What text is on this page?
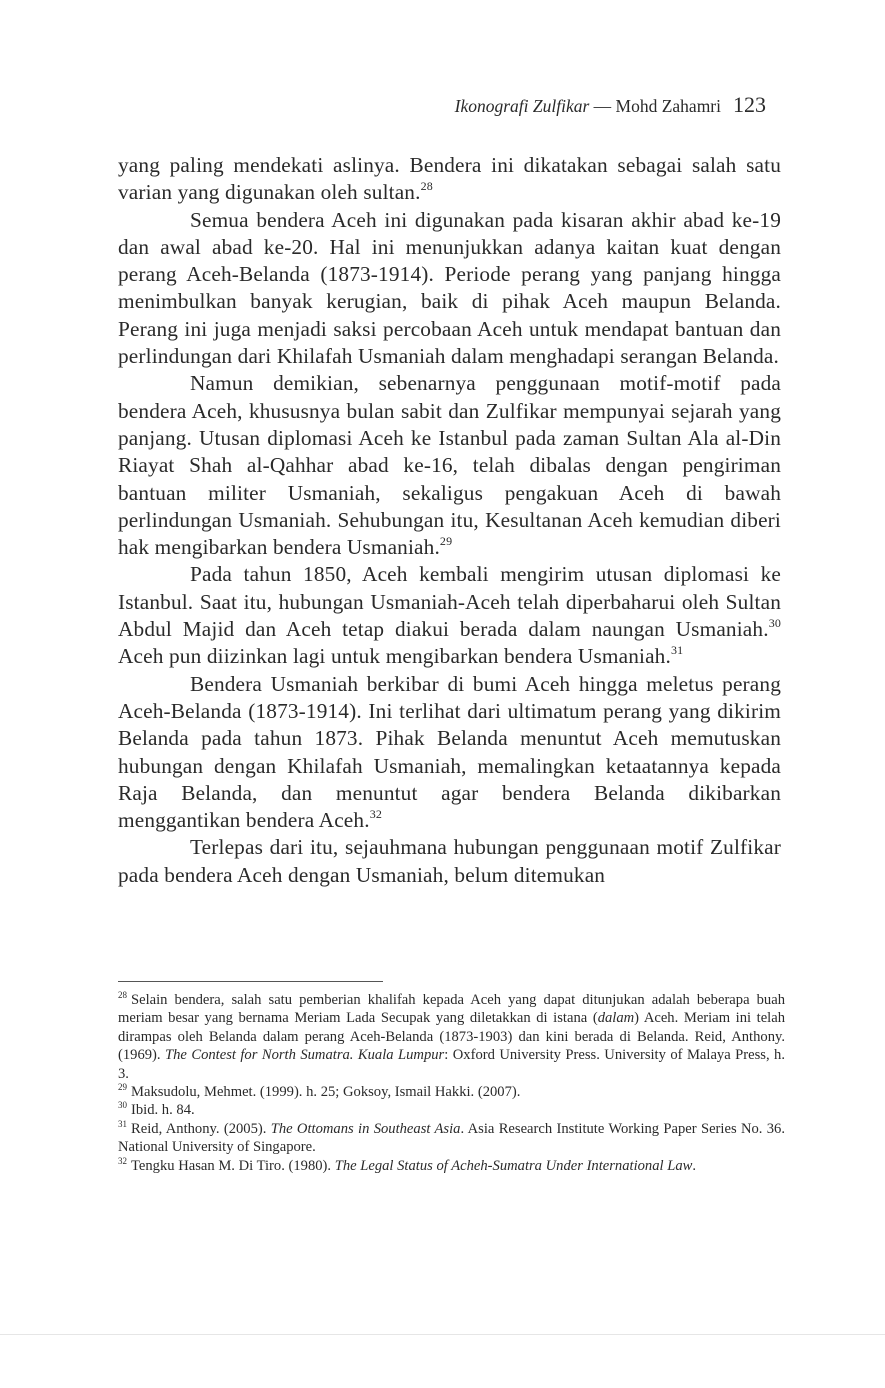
Ikonografi Zulfikar — Mohd Zahamri 123

yang paling mendekati aslinya. Bendera ini dikatakan sebagai salah satu varian yang digunakan oleh sultan.$^{28}$

Semua bendera Aceh ini digunakan pada kisaran akhir abad ke-19 dan awal abad ke-20. Hal ini menunjukkan adanya kaitan kuat dengan perang Aceh-Belanda (1873-1914). Periode perang yang panjang hingga menimbulkan banyak kerugian, baik di pihak Aceh maupun Belanda. Perang ini juga menjadi saksi percobaan Aceh untuk mendapat bantuan dan perlindungan dari Khilafah Usmaniah dalam menghadapi serangan Belanda.

Namun demikian, sebenarnya penggunaan motif-motif pada bendera Aceh, khususnya bulan sabit dan Zulfikar mempunyai sejarah yang panjang. Utusan diplomasi Aceh ke Istanbul pada zaman Sultan Ala al-Din Riayat Shah al-Qahhar abad ke-16, telah dibalas dengan pengiriman bantuan militer Usmaniah, sekaligus pengakuan Aceh di bawah perlindungan Usmaniah. Sehubungan itu, Kesultanan Aceh kemudian diberi hak mengibarkan bendera Usmaniah.$^{29}$

Pada tahun 1850, Aceh kembali mengirim utusan diplomasi ke Istanbul. Saat itu, hubungan Usmaniah-Aceh telah diperbaharui oleh Sultan Abdul Majid dan Aceh tetap diakui berada dalam naungan Usmaniah.$^{30}$ Aceh pun diizinkan lagi untuk mengibarkan bendera Usmaniah.$^{31}$

Bendera Usmaniah berkibar di bumi Aceh hingga meletus perang Aceh-Belanda (1873-1914). Ini terlihat dari ultimatum perang yang dikirim Belanda pada tahun 1873. Pihak Belanda menuntut Aceh memutuskan hubungan dengan Khilafah Usmaniah, memalingkan ketaatannya kepada Raja Belanda, dan menuntut agar bendera Belanda dikibarkan menggantikan bendera Aceh.$^{32}$

Terlepas dari itu, sejauhmana hubungan penggunaan motif Zulfikar pada bendera Aceh dengan Usmaniah, belum ditemukan

$^{28}$ Selain bendera, salah satu pemberian khalifah kepada Aceh yang dapat ditunjukan adalah beberapa buah meriam besar yang bernama Meriam Lada Secupak yang diletakkan di istana (dalam) Aceh. Meriam ini telah dirampas oleh Belanda dalam perang Aceh-Belanda (1873-1903) dan kini berada di Belanda. Reid, Anthony. (1969). The Contest for North Sumatra. Kuala Lumpur: Oxford University Press. University of Malaya Press, h. 3.

$^{29}$ Maksudolu, Mehmet. (1999). h. 25; Goksoy, Ismail Hakki. (2007).

$^{30}$ Ibid. h. 84.

$^{31}$ Reid, Anthony. (2005). The Ottomans in Southeast Asia. Asia Research Institute Working Paper Series No. 36. National University of Singapore.

$^{32}$ Tengku Hasan M. Di Tiro. (1980). The Legal Status of Acheh-Sumatra Under International Law.
